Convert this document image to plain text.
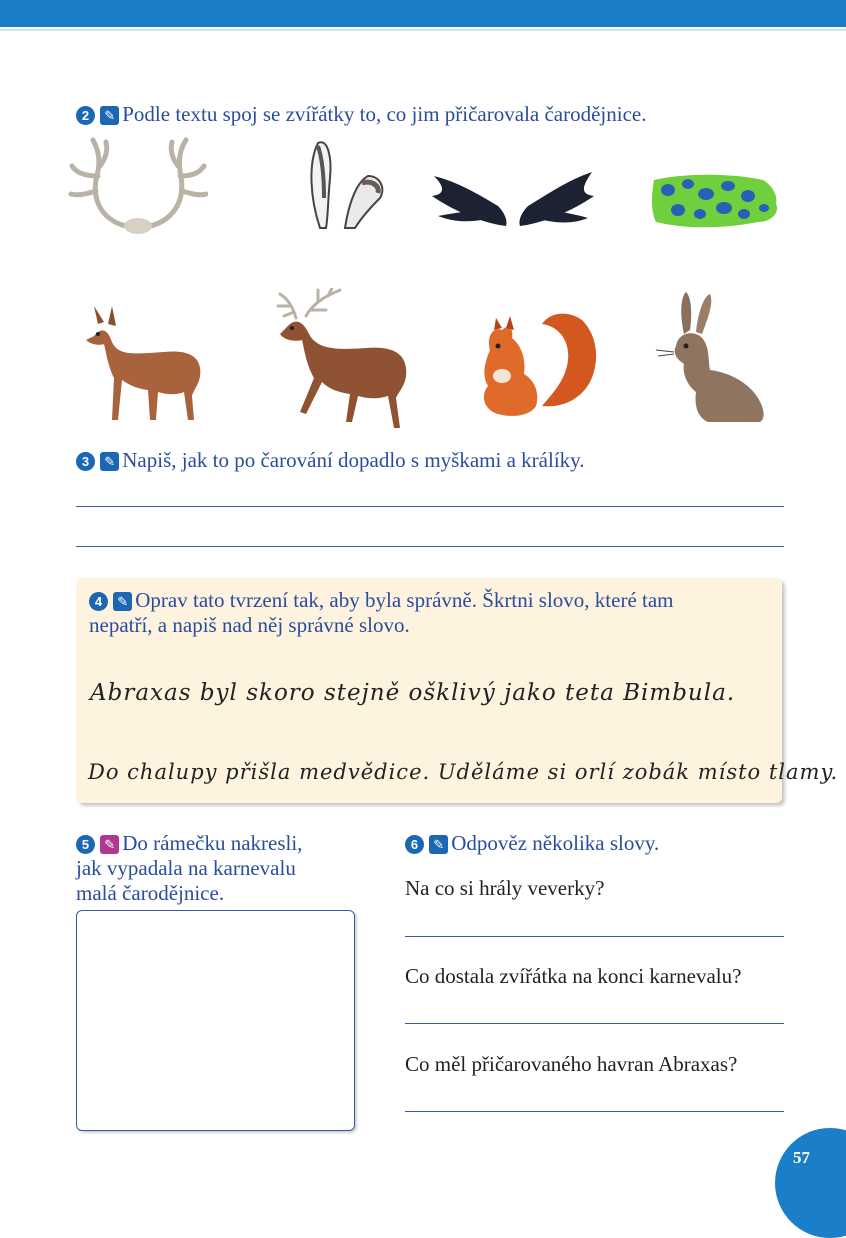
2 ✎ Podle textu spoj se zvířátky to, co jim přičarovala čarodějnice.
3 ✎ Napiš, jak to po čarování dopadlo s myškami a králíky.
4 ✎ Oprav tato tvrzení tak, aby byla správně. Škrtni slovo, které tam
nepatří, a napiš nad něj správné slovo.
Abraxas byl skoro stejně ošklivý jako teta Bimbula.
Do chalupy přišla medvědice. Uděláme si orlí zobák místo tlamy.
5 ✎ Do rámečku nakresli,
jak vypadala na karnevalu
malá čarodějnice.
6 ✎ Odpověz několika slovy.
Na co si hrály veverky?
Co dostala zvířátka na konci karnevalu?
Co měl přičarovaného havran Abraxas?
57
